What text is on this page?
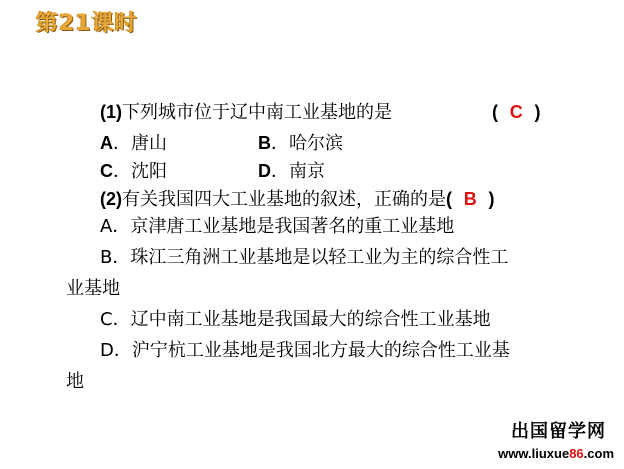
第21课时
(1)下列城市位于辽中南工业基地的是	( C )
A．唐山	B．哈尔滨
C．沈阳	D．南京
(2)有关我国四大工业基地的叙述，正确的是( B )
A．京津唐工业基地是我国著名的重工业基地
B．珠江三角洲工业基地是以轻工业为主的综合性工
业基地
C．辽中南工业基地是我国最大的综合性工业基地
D．沪宁杭工业基地是我国北方最大的综合性工业基
地
出国留学网
www.liuxue86.com
